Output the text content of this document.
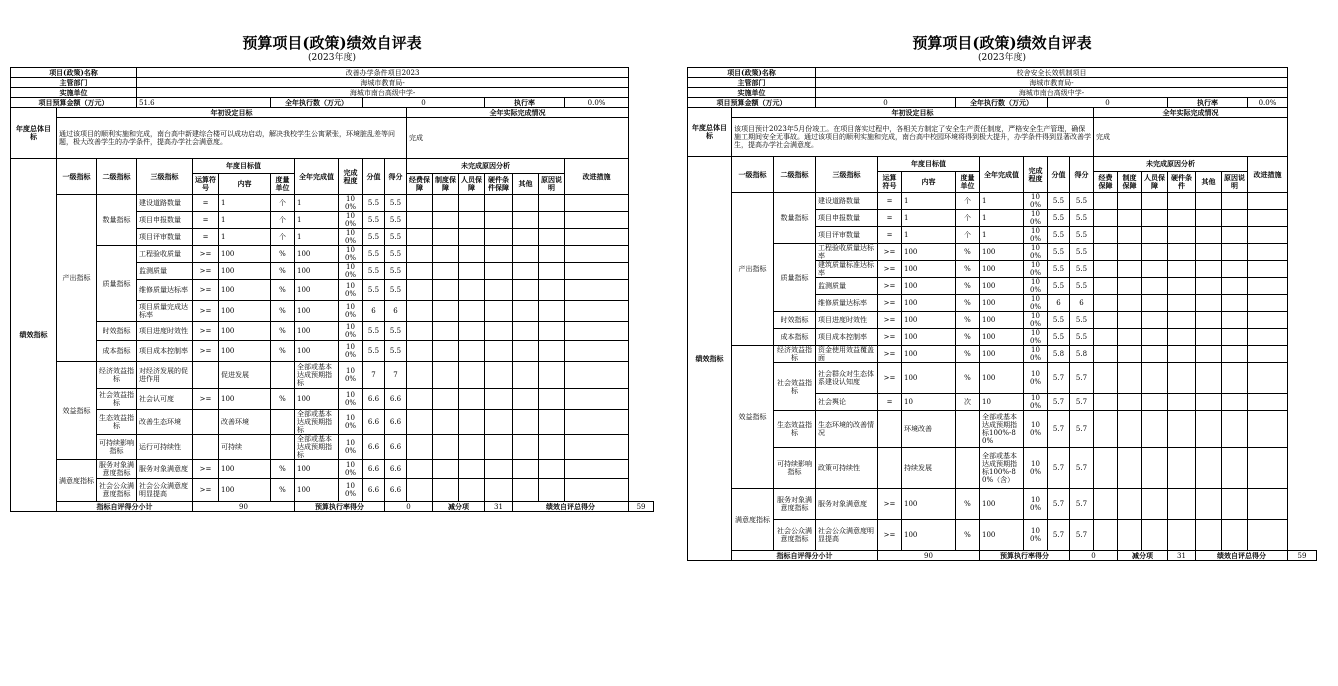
预算项目(政策)绩效自评表
(2023年度)
项目(政策)名称			改善办学条件项目2023															
主管部门			海城市教育局-															
实施单位			海城市南台高级中学-															
项目预算金额（万元）			51.6			全年执行数（万元）			0					执行率			0.0%	
年度总体目标	年初设定目标										全年实际完成情况							
	通过该项目的顺利实施和完成，南台高中新建综合楼可以成功启动，解决我校学生公寓紧张，环境脏乱差等问题，极大改善学生的办学条件，提高办学社会满意度。										完成							
绩效指标	一级指标	二级指标	三级指标	年度目标值			全年完成值	完成程度	分值	得分	未完成原因分析						改进措施	
				运算符号	内容	度量单位					经费保障	制度保障	人员保障	硬件条件保障	其他	原因说明		
	产出指标	数量指标	建设道路数量	=	1	个	1	100%	5.5	5.5								
			项目申报数量	=	1	个	1	100%	5.5	5.5								
			项目评审数量	=	1	个	1	100%	5.5	5.5								
		质量指标	工程验收质量	>=	100	%	100	100%	5.5	5.5								
			监测质量	>=	100	%	100	100%	5.5	5.5								
			维修质量达标率	>=	100	%	100	100%	5.5	5.5								
			项目质量完成达标率	>=	100	%	100	100%	6	6								
		时效指标	项目进度时效性	>=	100	%	100	100%	5.5	5.5								
		成本指标	项目成本控制率	>=	100	%	100	100%	5.5	5.5								
	效益指标	经济效益指标	对经济发展的促进作用		促进发展		全部或基本达成预期指标	100%	7	7								
		社会效益指标	社会认可度	>=	100	%	100	100%	6.6	6.6								
		生态效益指标	改善生态环境		改善环境		全部或基本达成预期指标	100%	6.6	6.6								
		可持续影响指标	运行可持续性		可持续		全部或基本达成预期指标	100%	6.6	6.6								
	满意度指标	服务对象满意度指标	服务对象满意度	>=	100	%	100	100%	6.6	6.6								
		社会公众满意度指标	社会公众满意度明显提高	>=	100	%	100	100%	6.6	6.6								
	指标自评得分小计			90			预算执行率得分			0		减分项		31	绩效自评总得分			59
预算项目(政策)绩效自评表
(2023年度)
项目(政策)名称			校舍安全长效机制项目															
主管部门			海城市教育局-															
实施单位			海城市南台高级中学-															
项目预算金额（万元）			0			全年执行数（万元）			0					执行率			0.0%	
年度总体目标	年初设定目标										全年实际完成情况							
	该项目预计2023年5月份竣工。在项目落实过程中，各相关方制定了安全生产责任制度，严格安全生产管理，确保施工期间安全无事故。通过该项目的顺利实施和完成，南台高中校园环境将得到极大提升，办学条件得到显著改善学生，提高办学社会满意度。										完成							
绩效指标	一级指标	二级指标	三级指标	年度目标值			全年完成值	完成程度	分值	得分	未完成原因分析						改进措施	
				运算符号	内容	度量单位					经费保障	制度保障	人员保障	硬件条件	其他	原因说明		
	产出指标	数量指标	建设道路数量	=	1	个	1	100%	5.5	5.5								
			项目申报数量	=	1	个	1	100%	5.5	5.5								
			项目评审数量	=	1	个	1	100%	5.5	5.5								
		质量指标	工程验收质量达标率	>=	100	%	100	100%	5.5	5.5								
			建筑质量标准达标率	>=	100	%	100	100%	5.5	5.5								
			监测质量	>=	100	%	100	100%	5.5	5.5								
			维修质量达标率	>=	100	%	100	100%	6	6								
		时效指标	项目进度时效性	>=	100	%	100	100%	5.5	5.5								
		成本指标	项目成本控制率	>=	100	%	100	100%	5.5	5.5								
	效益指标	经济效益指标	资金使用效益覆盖面	>=	100	%	100	100%	5.8	5.8								
		社会效益指标	社会群众对生态体系建设认知度	>=	100	%	100	100%	5.7	5.7								
			社会舆论	=	10	次	10	100%	5.7	5.7								
		生态效益指标	生态环境的改善情况		环境改善		全部或基本达成预期指标100%-80%	100%	5.7	5.7								
		可持续影响指标	政策可持续性		持续发展		全部或基本达成预期指标100%-80%（含）	100%	5.7	5.7								
	满意度指标	服务对象满意度指标	服务对象满意度	>=	100	%	100	100%	5.7	5.7								
		社会公众满意度指标	社会公众满意度明显提高	>=	100	%	100	100%	5.7	5.7								
	指标自评得分小计			90			预算执行率得分			0		减分项		31	绩效自评总得分			59
